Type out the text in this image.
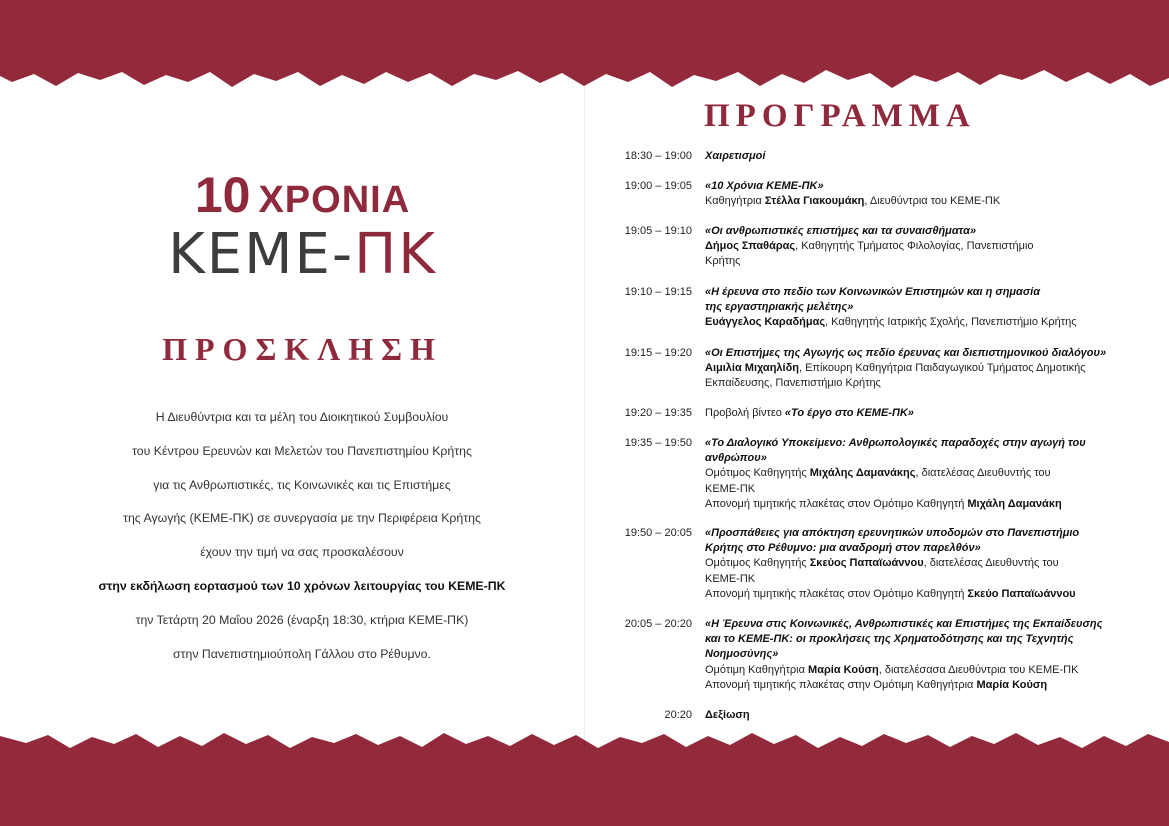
10 ΧΡΟΝΙΑ
KEME-ΠΚ
ΠΡΟΣΚΛΗΣΗ
Η Διευθύντρια και τα μέλη του Διοικητικού Συμβουλίου
του Κέντρου Ερευνών και Μελετών του Πανεπιστημίου Κρήτης
για τις Ανθρωπιστικές, τις Κοινωνικές και τις Επιστήμες
της Αγωγής (ΚΕΜΕ-ΠΚ) σε συνεργασία με την Περιφέρεια Κρήτης
έχουν την τιμή να σας προσκαλέσουν
στην εκδήλωση εορτασμού των 10 χρόνων λειτουργίας του ΚΕΜΕ-ΠΚ
την Τετάρτη 20 Μαΐου 2026 (έναρξη 18:30, κτήρια ΚΕΜΕ-ΠΚ)
στην Πανεπιστημιούπολη Γάλλου στο Ρέθυμνο.
ΠΡΟΓΡΑΜΜΑ
18:30 – 19:00 Χαιρετισμοί
19:00 – 19:05 «10 Χρόνια ΚΕΜΕ-ΠΚ»
Καθηγήτρια Στέλλα Γιακουμάκη, Διευθύντρια του ΚΕΜΕ-ΠΚ
19:05 – 19:10 «Οι ανθρωπιστικές επιστήμες και τα συναισθήματα»
Δήμος Σπαθάρας, Καθηγητής Τμήματος Φιλολογίας, Πανεπιστήμιο
Κρήτης
19:10 – 19:15 «Η έρευνα στο πεδίο των Κοινωνικών Επιστημών και η σημασία
της εργαστηριακής μελέτης»
Ευάγγελος Καραδήμας, Καθηγητής Ιατρικής Σχολής, Πανεπιστήμιο Κρήτης
19:15 – 19:20 «Οι Επιστήμες της Αγωγής ως πεδίο έρευνας και διεπιστημονικού διαλόγου»
Αιμιλία Μιχαηλίδη, Επίκουρη Καθηγήτρια Παιδαγωγικού Τμήματος Δημοτικής
Εκπαίδευσης, Πανεπιστήμιο Κρήτης
19:20 – 19:35 Προβολή βίντεο «Το έργο στο ΚΕΜΕ-ΠΚ»
19:35 – 19:50 «Το Διαλογικό Υποκείμενο: Ανθρωπολογικές παραδοχές στην αγωγή του
ανθρώπου»
Ομότιμος Καθηγητής Μιχάλης Δαμανάκης, διατελέσας Διευθυντής του
ΚΕΜΕ-ΠΚ
Απονομή τιμητικής πλακέτας στον Ομότιμο Καθηγητή Μιχάλη Δαμανάκη
19:50 – 20:05 «Προσπάθειες για απόκτηση ερευνητικών υποδομών στο Πανεπιστήμιο
Κρήτης στο Ρέθυμνο: μια αναδρομή στον παρελθόν»
Ομότιμος Καθηγητής Σκεύος Παπαϊωάννου, διατελέσας Διευθυντής του
ΚΕΜΕ-ΠΚ
Απονομή τιμητικής πλακέτας στον Ομότιμο Καθηγητή Σκεύο Παπαϊωάννου
20:05 – 20:20 «Η Έρευνα στις Κοινωνικές, Ανθρωπιστικές και Επιστήμες της Εκπαίδευσης
και το ΚΕΜΕ-ΠΚ: οι προκλήσεις της Χρηματοδότησης και της Τεχνητής
Νοημοσύνης»
Ομότιμη Καθηγήτρια Μαρία Κούση, διατελέσασα Διευθύντρια του ΚΕΜΕ-ΠΚ
Απονομή τιμητικής πλακέτας στην Ομότιμη Καθηγήτρια Μαρία Κούση
20:20 Δεξίωση
